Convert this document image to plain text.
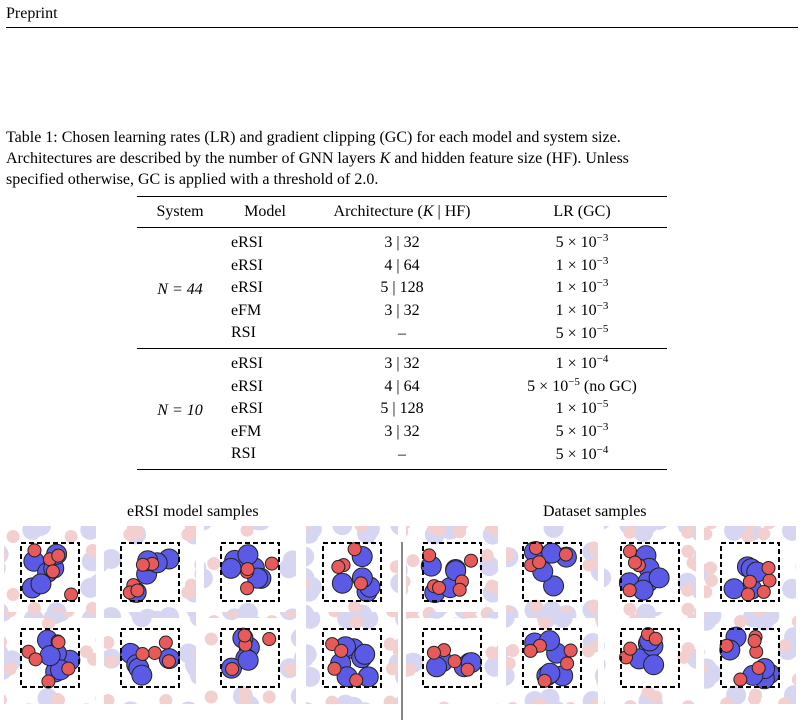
Preprint
Table 1: Chosen learning rates (LR) and gradient clipping (GC) for each model and system size.
Architectures are described by the number of GNN layers K and hidden feature size (HF). Unless
specified otherwise, GC is applied with a threshold of 2.0.
System	Model	Architecture (K | HF)	LR (GC)
N = 44	eRSI	3 | 32	$5 \times 10^{-3}$
	eRSI	4 | 64	$1 \times 10^{-3}$
	eRSI	5 | 128	$1 \times 10^{-3}$
	eFM	3 | 32	$1 \times 10^{-3}$
	RSI	–	$5 \times 10^{-5}$
N = 10	eRSI	3 | 32	$1 \times 10^{-4}$
	eRSI	4 | 64	$5 \times 10^{-5}$ (no GC)
	eRSI	5 | 128	$1 \times 10^{-5}$
	eFM	3 | 32	$5 \times 10^{-3}$
	RSI	–	$5 \times 10^{-4}$
eRSI model samples	Dataset samples
